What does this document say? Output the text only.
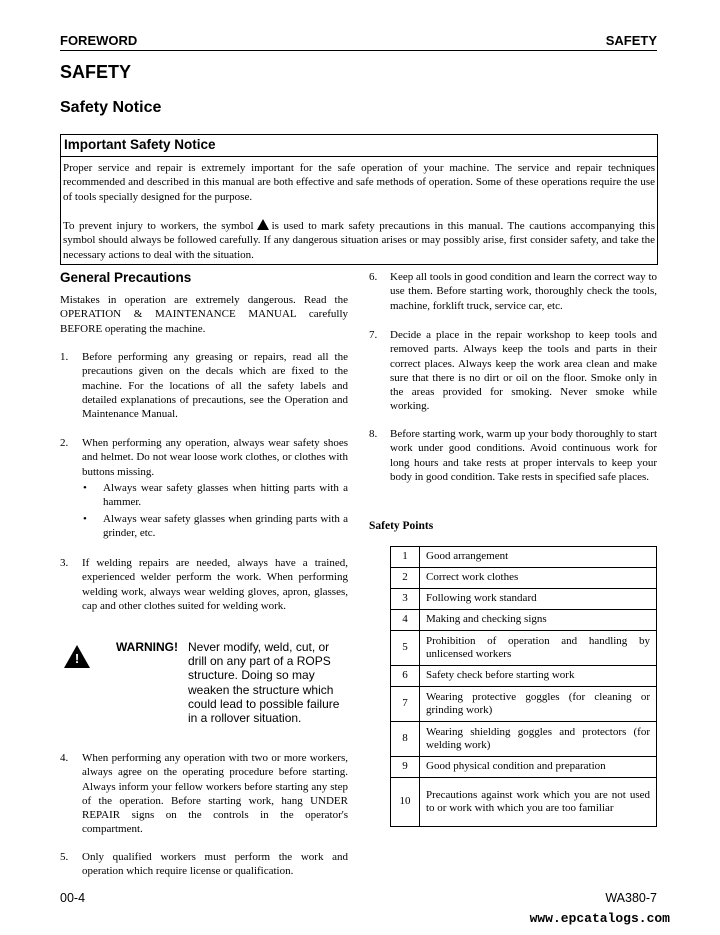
FOREWORD	SAFETY
SAFETY
Safety Notice
Important Safety Notice

Proper service and repair is extremely important for the safe operation of your machine. The service and repair techniques recommended and described in this manual are both effective and safe methods of operation. Some of these operations require the use of tools specially designed for the purpose.

To prevent injury to workers, the symbol is used to mark safety precautions in this manual. The cautions accompanying this symbol should always be followed carefully. If any dangerous situation arises or may possibly arise, first consider safety, and take the necessary actions to deal with the situation.

General Precautions

Mistakes in operation are extremely dangerous. Read the OPERATION & MAINTENANCE MANUAL carefully BEFORE operating the machine.

1. Before performing any greasing or repairs, read all the precautions given on the decals which are fixed to the machine. For the locations of all the safety labels and detailed explanations of precautions, see the Operation and Maintenance Manual.

2. When performing any operation, always wear safety shoes and helmet. Do not wear loose work clothes, or clothes with buttons missing.

• Always wear safety glasses when hitting parts with a hammer.

• Always wear safety glasses when grinding parts with a grinder, etc.

3. If welding repairs are needed, always have a trained, experienced welder perform the work. When performing welding work, always wear welding gloves, apron, glasses, cap and other clothes suited for welding work.

!
WARNING! Never modify, weld, cut, or drill on any part of a ROPS structure. Doing so may weaken the structure which could lead to possible failure in a rollover situation.

4. When performing any operation with two or more workers, always agree on the operating procedure before starting. Always inform your fellow workers before starting any step of the operation. Before starting work, hang UNDER REPAIR signs on the controls in the operator's compartment.

5. Only qualified workers must perform the work and operation which require license or qualification.

6. Keep all tools in good condition and learn the correct way to use them. Before starting work, thoroughly check the tools, machine, forklift truck, service car, etc.

7. Decide a place in the repair workshop to keep tools and removed parts. Always keep the tools and parts in their correct places. Always keep the work area clean and make sure that there is no dirt or oil on the floor. Smoke only in the areas provided for smoking. Never smoke while working.

8. Before starting work, warm up your body thoroughly to start work under good conditions. Avoid continuous work for long hours and take rests at proper intervals to keep your body in good condition. Take rests in specified safe places.

Safety Points
1	Good arrangement
2	Correct work clothes
3	Following work standard
4	Making and checking signs
5	Prohibition of operation and handling by unlicensed workers
6	Safety check before starting work
7	Wearing protective goggles (for cleaning or grinding work)
8	Wearing shielding goggles and protectors (for welding work)
9	Good physical condition and preparation
10	Precautions against work which you are not used to or work with which you are too familiar
00-4	WA380-7
www.epcatalogs.com
